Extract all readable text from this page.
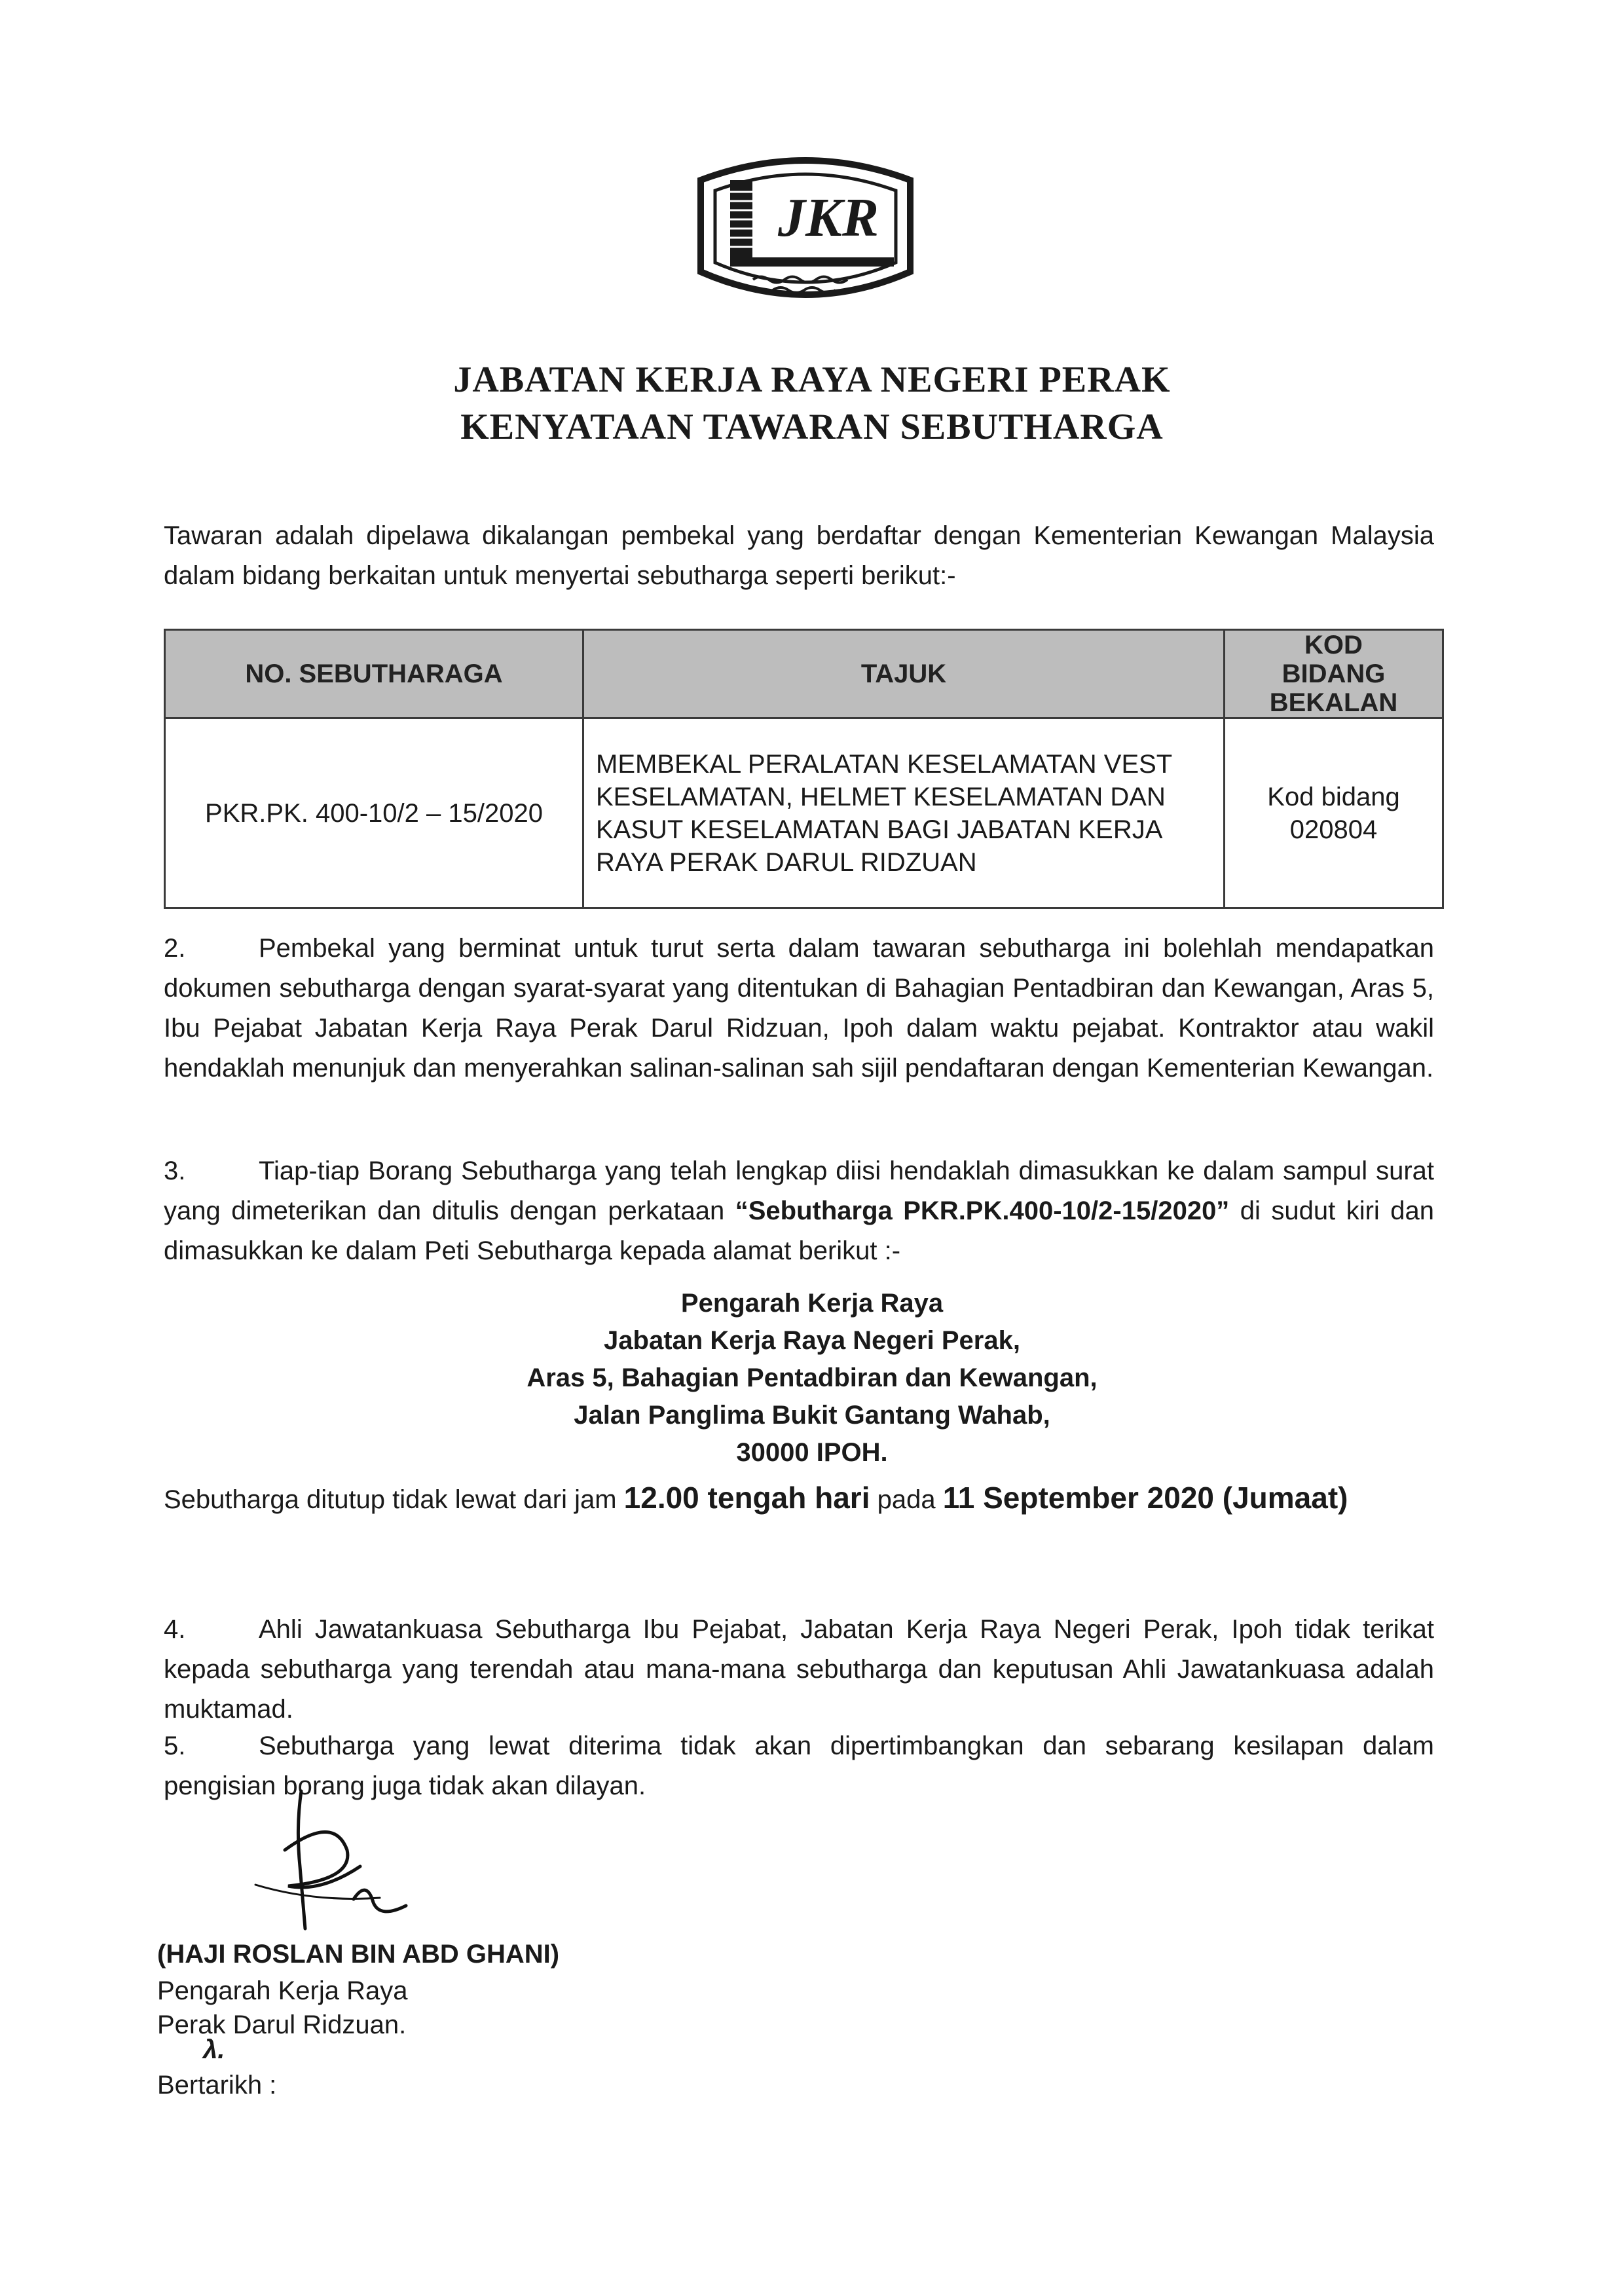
JKR
JABATAN KERJA RAYA NEGERI PERAK
KENYATAAN TAWARAN SEBUTHARGA
Tawaran adalah dipelawa dikalangan pembekal yang berdaftar dengan Kementerian Kewangan Malaysia dalam bidang berkaitan untuk menyertai sebutharga seperti berikut:-
NO. SEBUTHARAGA	TAJUK	KOD BIDANG BEKALAN

PKR.PK. 400-10/2 – 15/2020	MEMBEKAL PERALATAN KESELAMATAN VEST KESELAMATAN, HELMET KESELAMATAN DAN KASUT KESELAMATAN BAGI JABATAN KERJA RAYA PERAK DARUL RIDZUAN	Kod bidang 020804
2.	Pembekal yang berminat untuk turut serta dalam tawaran sebutharga ini bolehlah mendapatkan dokumen sebutharga dengan syarat-syarat yang ditentukan di Bahagian Pentadbiran dan Kewangan, Aras 5, Ibu Pejabat Jabatan Kerja Raya Perak Darul Ridzuan, Ipoh dalam waktu pejabat. Kontraktor atau wakil hendaklah menunjuk dan menyerahkan salinan-salinan sah sijil pendaftaran dengan Kementerian Kewangan.
3.	Tiap-tiap Borang Sebutharga yang telah lengkap diisi hendaklah dimasukkan ke dalam sampul surat yang dimeterikan dan ditulis dengan perkataan “Sebutharga PKR.PK.400-10/2-15/2020” di sudut kiri dan dimasukkan ke dalam Peti Sebutharga kepada alamat berikut :-
Pengarah Kerja Raya
Jabatan Kerja Raya Negeri Perak,
Aras 5, Bahagian Pentadbiran dan Kewangan,
Jalan Panglima Bukit Gantang Wahab,
30000 IPOH.
Sebutharga ditutup tidak lewat dari jam 12.00 tengah hari pada 11 September 2020 (Jumaat)
4.	Ahli Jawatankuasa Sebutharga Ibu Pejabat, Jabatan Kerja Raya Negeri Perak, Ipoh tidak terikat kepada sebutharga yang terendah atau mana-mana sebutharga dan keputusan Ahli Jawatankuasa adalah muktamad.
5.	Sebutharga yang lewat diterima tidak akan dipertimbangkan dan sebarang kesilapan dalam pengisian borang juga tidak akan dilayan.
(HAJI ROSLAN BIN ABD GHANI)
Pengarah Kerja Raya
Perak Darul Ridzuan.
λ.
Bertarikh :
